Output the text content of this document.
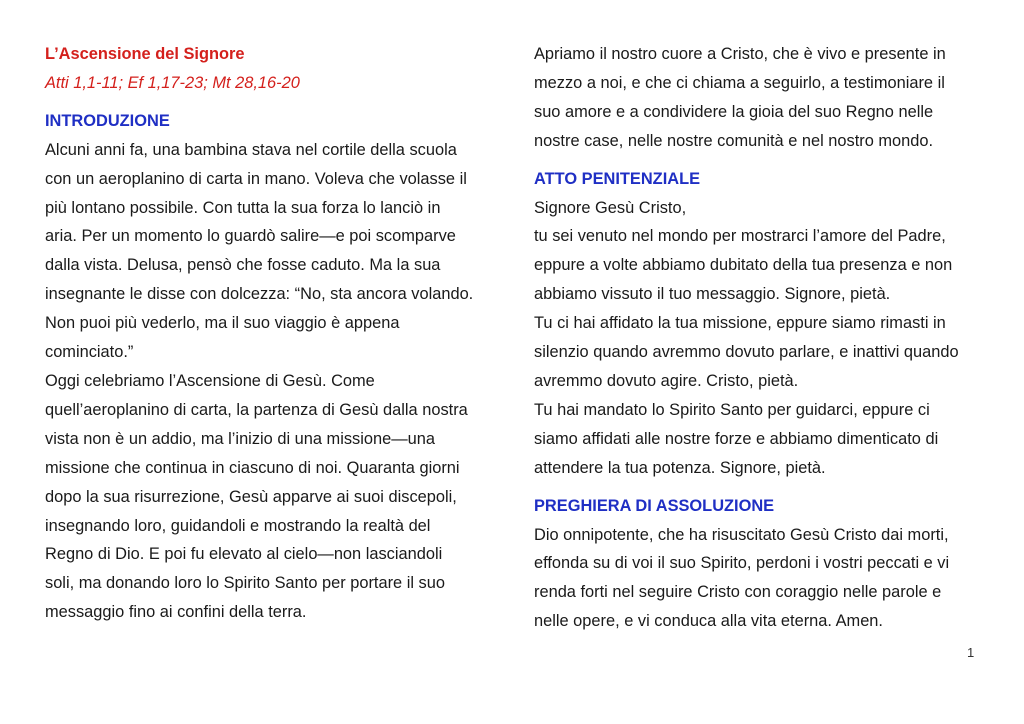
L’Ascensione del Signore

Atti 1,1-11; Ef 1,17-23; Mt 28,16-20

INTRODUZIONE

Alcuni anni fa, una bambina stava nel cortile della scuola
con un aeroplanino di carta in mano. Voleva che volasse il
più lontano possibile. Con tutta la sua forza lo lanciò in
aria. Per un momento lo guardò salire—e poi scomparve
dalla vista. Delusa, pensò che fosse caduto. Ma la sua
insegnante le disse con dolcezza: “No, sta ancora volando.
Non puoi più vederlo, ma il suo viaggio è appena
cominciato.”
Oggi celebriamo l’Ascensione di Gesù. Come
quell’aeroplanino di carta, la partenza di Gesù dalla nostra
vista non è un addio, ma l’inizio di una missione—una
missione che continua in ciascuno di noi. Quaranta giorni
dopo la sua risurrezione, Gesù apparve ai suoi discepoli,
insegnando loro, guidandoli e mostrando la realtà del
Regno di Dio. E poi fu elevato al cielo—non lasciandoli
soli, ma donando loro lo Spirito Santo per portare il suo
messaggio fino ai confini della terra.

Apriamo il nostro cuore a Cristo, che è vivo e presente in
mezzo a noi, e che ci chiama a seguirlo, a testimoniare il
suo amore e a condividere la gioia del suo Regno nelle
nostre case, nelle nostre comunità e nel nostro mondo.

ATTO PENITENZIALE

Signore Gesù Cristo,
tu sei venuto nel mondo per mostrarci l’amore del Padre,
eppure a volte abbiamo dubitato della tua presenza e non
abbiamo vissuto il tuo messaggio. Signore, pietà.
Tu ci hai affidato la tua missione, eppure siamo rimasti in
silenzio quando avremmo dovuto parlare, e inattivi quando
avremmo dovuto agire. Cristo, pietà.
Tu hai mandato lo Spirito Santo per guidarci, eppure ci
siamo affidati alle nostre forze e abbiamo dimenticato di
attendere la tua potenza. Signore, pietà.

PREGHIERA DI ASSOLUZIONE

Dio onnipotente, che ha risuscitato Gesù Cristo dai morti,
effonda su di voi il suo Spirito, perdoni i vostri peccati e vi
renda forti nel seguire Cristo con coraggio nelle parole e
nelle opere, e vi conduca alla vita eterna. Amen.

1
